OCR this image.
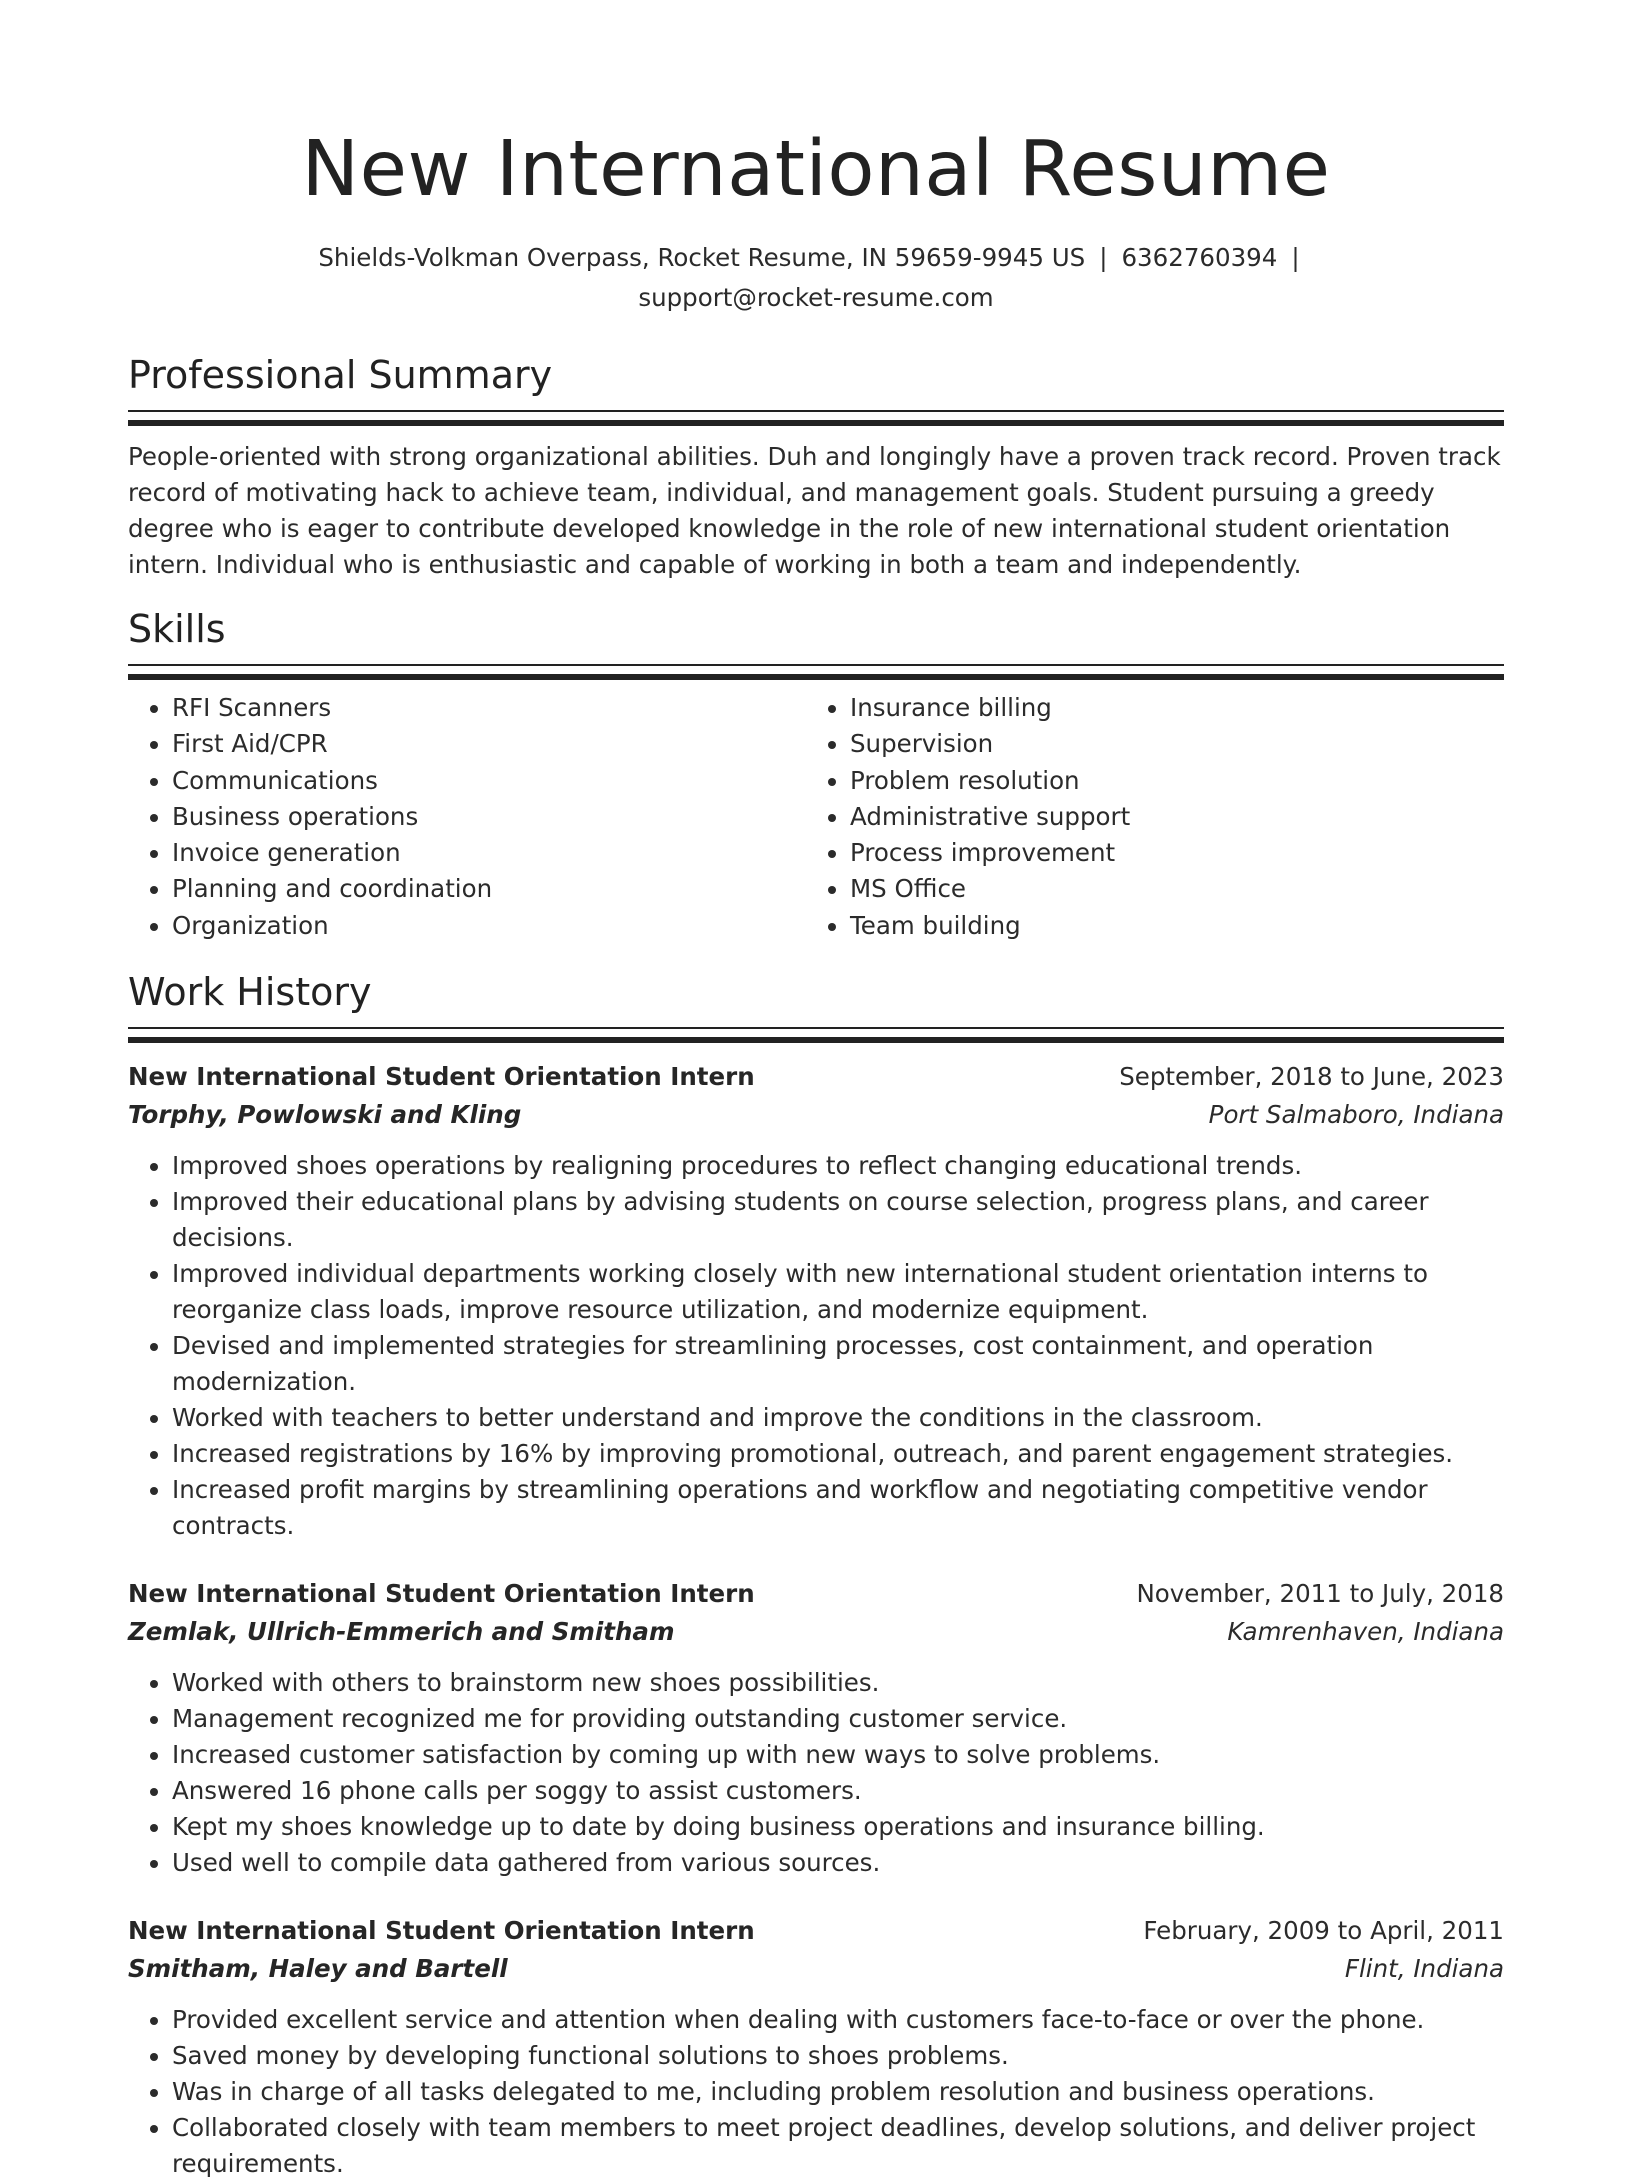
New International Resume
Shields-Volkman Overpass, Rocket Resume, IN 59659-9945 US | 6362760394 |
support@rocket-resume.com
Professional Summary

People-oriented with strong organizational abilities. Duh and longingly have a proven track record. Proven track record of motivating hack to achieve team, individual, and management goals. Student pursuing a greedy degree who is eager to contribute developed knowledge in the role of new international student orientation intern. Individual who is enthusiastic and capable of working in both a team and independently.

Skills
• RFI Scanners
• First Aid/CPR
• Communications
• Business operations
• Invoice generation
• Planning and coordination
• Organization
• Insurance billing
• Supervision
• Problem resolution
• Administrative support
• Process improvement
• MS Office
• Team building
Work History
New International Student Orientation Intern	September, 2018 to June, 2023
Torphy, Powlowski and Kling	Port Salmaboro, Indiana
• Improved shoes operations by realigning procedures to reflect changing educational trends.
• Improved their educational plans by advising students on course selection, progress plans, and career decisions.
• Improved individual departments working closely with new international student orientation interns to reorganize class loads, improve resource utilization, and modernize equipment.
• Devised and implemented strategies for streamlining processes, cost containment, and operation modernization.
• Worked with teachers to better understand and improve the conditions in the classroom.
• Increased registrations by 16% by improving promotional, outreach, and parent engagement strategies.
• Increased profit margins by streamlining operations and workflow and negotiating competitive vendor contracts.
New International Student Orientation Intern	November, 2011 to July, 2018
Zemlak, Ullrich-Emmerich and Smitham	Kamrenhaven, Indiana
• Worked with others to brainstorm new shoes possibilities.
• Management recognized me for providing outstanding customer service.
• Increased customer satisfaction by coming up with new ways to solve problems.
• Answered 16 phone calls per soggy to assist customers.
• Kept my shoes knowledge up to date by doing business operations and insurance billing.
• Used well to compile data gathered from various sources.
New International Student Orientation Intern	February, 2009 to April, 2011
Smitham, Haley and Bartell	Flint, Indiana
• Provided excellent service and attention when dealing with customers face-to-face or over the phone.
• Saved money by developing functional solutions to shoes problems.
• Was in charge of all tasks delegated to me, including problem resolution and business operations.
• Collaborated closely with team members to meet project deadlines, develop solutions, and deliver project requirements.
